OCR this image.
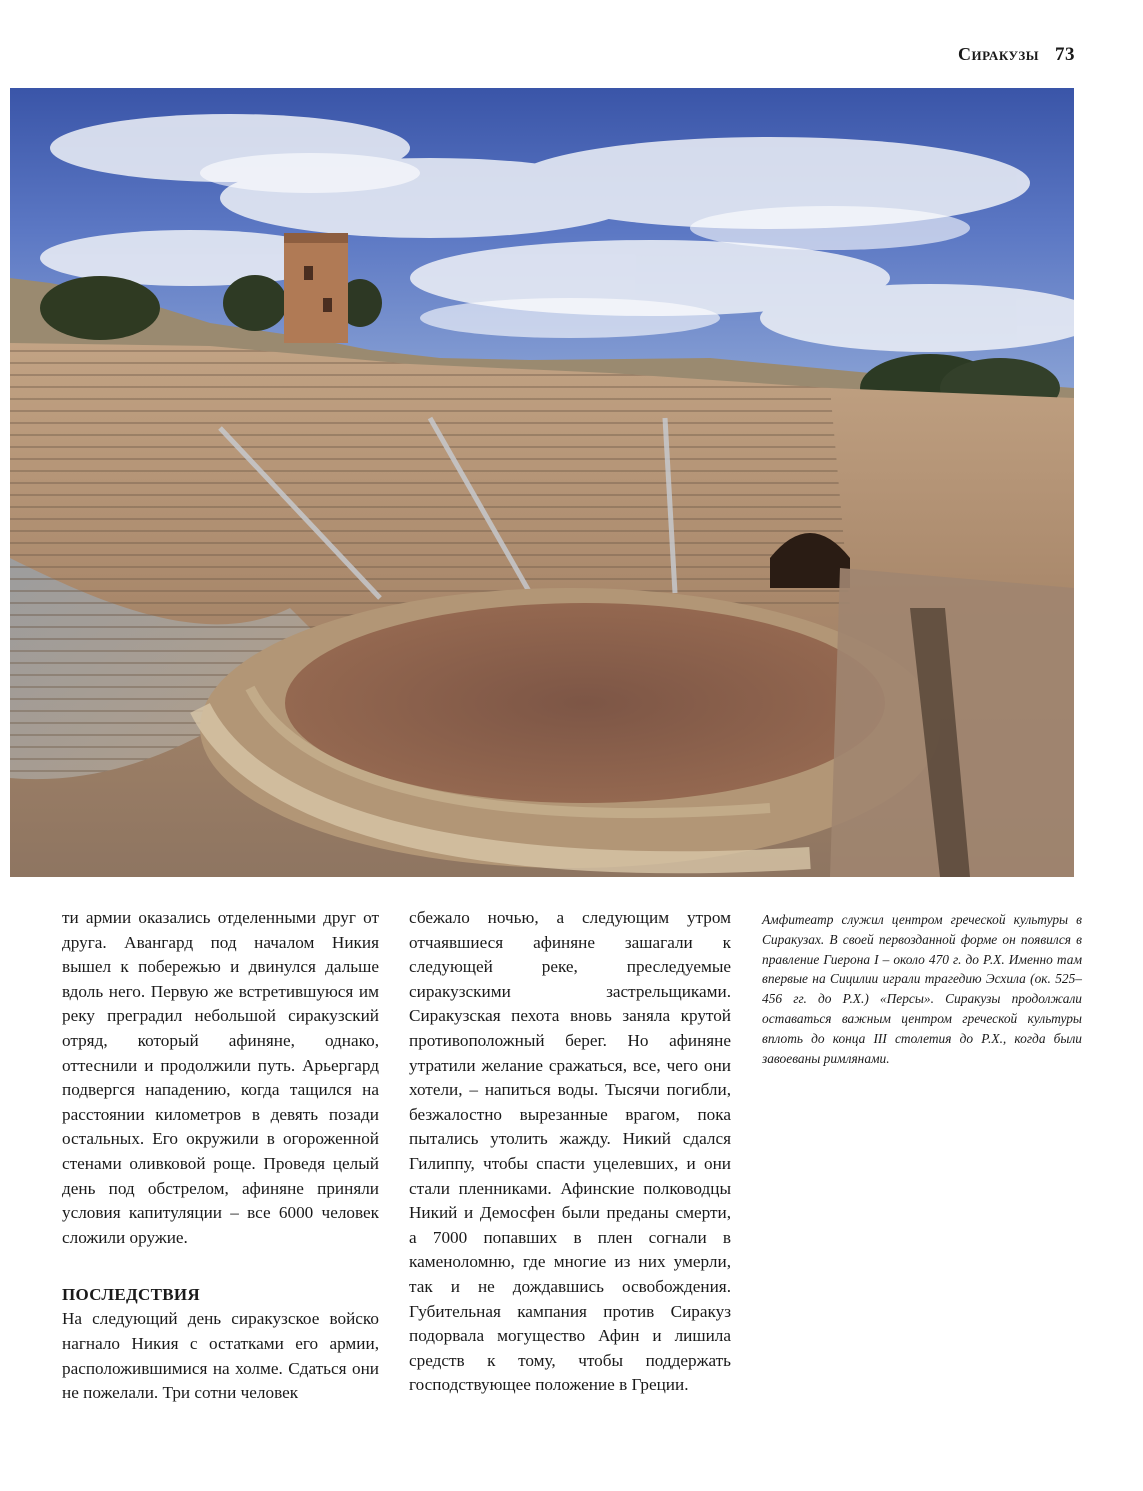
Сиракузы 73

ти армии оказались отделенными друг от друга. Авангард под началом Никия вышел к побережью и двинулся дальше вдоль него. Первую же встретившуюся им реку преградил небольшой сиракузский отряд, который афиняне, однако, оттеснили и продолжили путь. Арьергард подвергся нападению, когда тащился на расстоянии километров в девять позади остальных. Его окружили в огороженной стенами оливковой роще. Проведя целый день под обстрелом, афиняне приняли условия капитуляции – все 6000 человек сложили оружие.

ПОСЛЕДСТВИЯ

На следующий день сиракузское войско нагнало Никия с остатками его армии, расположившимися на холме. Сдаться они не пожелали. Три сотни человек

сбежало ночью, а следующим утром отчаявшиеся афиняне зашагали к следующей реке, преследуемые сиракузскими застрельщиками. Сиракузская пехота вновь заняла крутой противоположный берег. Но афиняне утратили желание сражаться, все, чего они хотели, – напиться воды. Тысячи погибли, безжалостно вырезанные врагом, пока пытались утолить жажду. Никий сдался Гилиппу, чтобы спасти уцелевших, и они стали пленниками. Афинские полководцы Никий и Демосфен были преданы смерти, а 7000 попавших в плен согнали в каменоломню, где многие из них умерли, так и не дождавшись освобождения. Губительная кампания против Сиракуз подорвала могущество Афин и лишила средств к тому, чтобы поддержать господствующее положение в Греции.

Амфитеатр служил центром греческой культуры в Сиракузах. В своей первозданной форме он появился в правление Гиерона I – около 470 г. до Р.Х. Именно там впервые на Сицилии играли трагедию Эсхила (ок. 525–456 гг. до Р.Х.) «Персы». Сиракузы продолжали оставаться важным центром греческой культуры вплоть до конца III столетия до Р.Х., когда были завоеваны римлянами.
